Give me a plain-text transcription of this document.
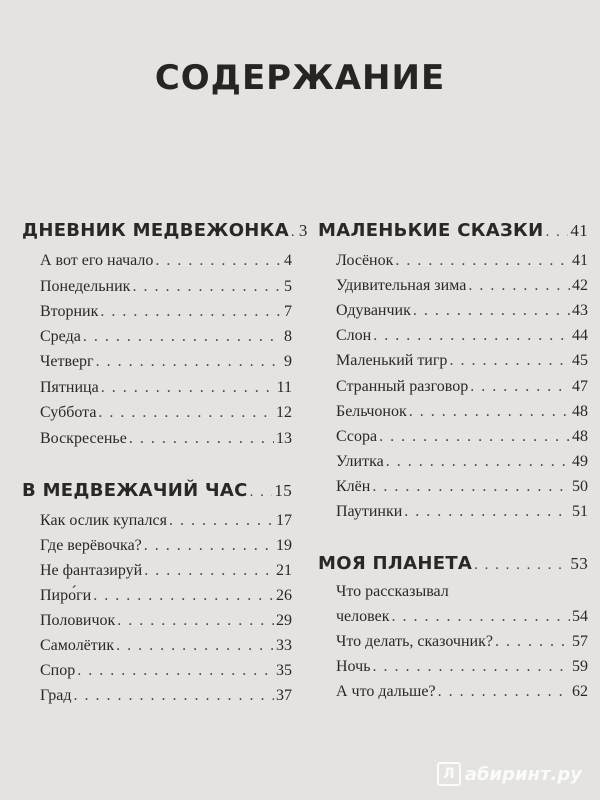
СОДЕРЖАНИЕ
ДНЕВНИК МЕДВЕЖОНКА . . . 3
А вот его начало . . .	4
Понедельник . . .	5
Вторник . . .	7
Среда . . .	8
Четверг . . .	9
Пятница . . .	11
Суббота . . .	12
Воскресенье . . .	13
В МЕДВЕЖАЧИЙ ЧАС . . . 15
Как ослик купался . . .	17
Где верёвочка? . . .	19
Не фантазируй . . .	21
Пиро́ги . . .	26
Половичок . . .	29
Самолётик . . .	33
Спор . . .	35
Град . . .	37
МАЛЕНЬКИЕ СКАЗКИ . . . 41
Лосёнок . . .	41
Удивительная зима . . .	42
Одуванчик . . .	43
Слон . . .	44
Маленький тигр . . .	45
Странный разговор . . .	47
Бельчонок . . .	48
Ссора . . .	48
Улитка . . .	49
Клён . . .	50
Паутинки . . .	51
МОЯ ПЛАНЕТА . . .	53
Что рассказывал
человек . . .	54
Что делать, сказочник? . . .	57
Ночь . . .	59
А что дальше? . . .	62
Л абиринт.ру
